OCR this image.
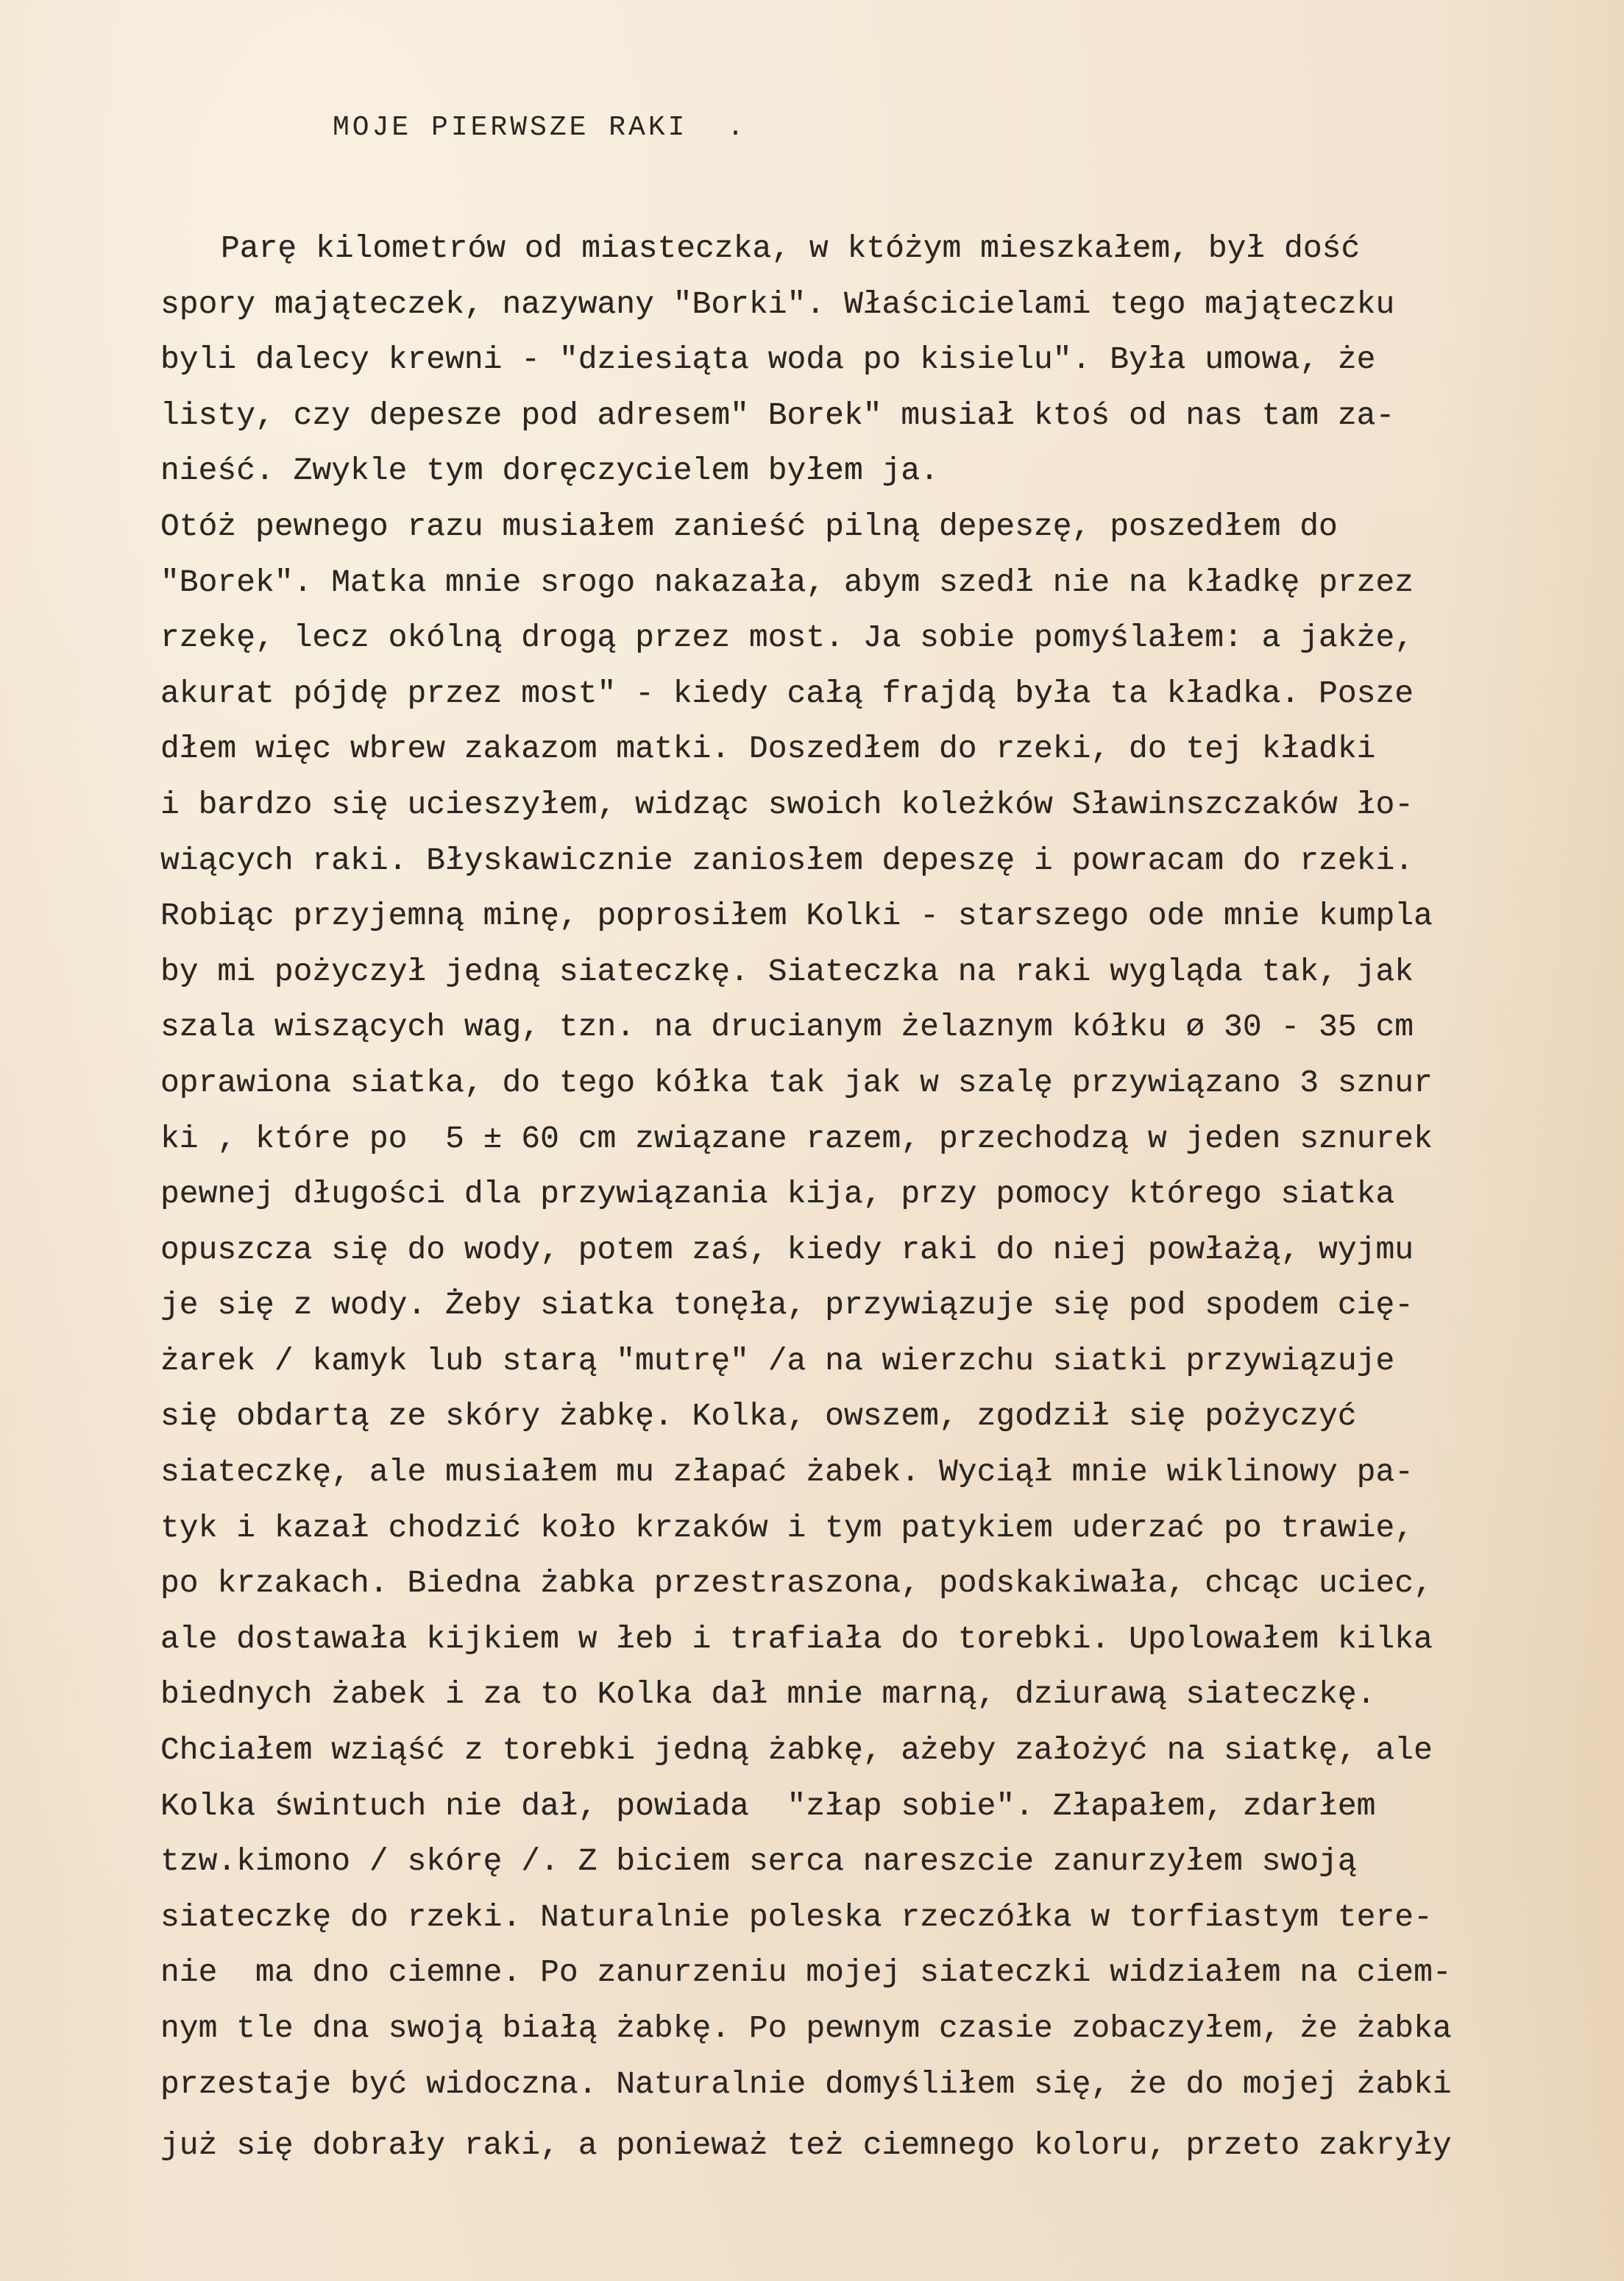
MOJE PIERWSZE RAKI  .
Parę kilometrów od miasteczka, w któżym mieszkałem, był dość
spory mająteczek, nazywany "Borki". Właścicielami tego mająteczku
byli dalecy krewni - "dziesiąta woda po kisielu". Była umowa, że
listy, czy depesze pod adresem" Borek" musiał ktoś od nas tam za-
nieść. Zwykle tym doręczycielem byłem ja.
Otóż pewnego razu musiałem zanieść pilną depeszę, poszedłem do
"Borek". Matka mnie srogo nakazała, abym szedł nie na kładkę przez
rzekę, lecz okólną drogą przez most. Ja sobie pomyślałem: a jakże,
akurat pójdę przez most" - kiedy całą frajdą była ta kładka. Posze
dłem więc wbrew zakazom matki. Doszedłem do rzeki, do tej kładki
i bardzo się ucieszyłem, widząc swoich koleżków Sławinszczaków ło-
wiących raki. Błyskawicznie zaniosłem depeszę i powracam do rzeki.
Robiąc przyjemną minę, poprosiłem Kolki - starszego ode mnie kumpla
by mi pożyczył jedną siateczkę. Siateczka na raki wygląda tak, jak
szala wiszących wag, tzn. na drucianym żelaznym kółku ø 30 - 35 cm
oprawiona siatka, do tego kółka tak jak w szalę przywiązano 3 sznur
ki , które po  5 ± 60 cm związane razem, przechodzą w jeden sznurek
pewnej długości dla przywiązania kija, przy pomocy którego siatka
opuszcza się do wody, potem zaś, kiedy raki do niej powłażą, wyjmu
je się z wody. Żeby siatka tonęła, przywiązuje się pod spodem cię-
żarek / kamyk lub starą "mutrę" /a na wierzchu siatki przywiązuje
się obdartą ze skóry żabkę. Kolka, owszem, zgodził się pożyczyć
siateczkę, ale musiałem mu złapać żabek. Wyciął mnie wiklinowy pa-
tyk i kazał chodzić koło krzaków i tym patykiem uderzać po trawie,
po krzakach. Biedna żabka przestraszona, podskakiwała, chcąc uciec,
ale dostawała kijkiem w łeb i trafiała do torebki. Upolowałem kilka
biednych żabek i za to Kolka dał mnie marną, dziurawą siateczkę.
Chciałem wziąść z torebki jedną żabkę, ażeby założyć na siatkę, ale
Kolka świntuch nie dał, powiada  "złap sobie". Złapałem, zdarłem
tzw.kimono / skórę /. Z biciem serca nareszcie zanurzyłem swoją
siateczkę do rzeki. Naturalnie poleska rzeczółka w torfiastym tere-
nie  ma dno ciemne. Po zanurzeniu mojej siateczki widziałem na ciem-
nym tle dna swoją białą żabkę. Po pewnym czasie zobaczyłem, że żabka
przestaje być widoczna. Naturalnie domyśliłem się, że do mojej żabki
już się dobrały raki, a ponieważ też ciemnego koloru, przeto zakryły
